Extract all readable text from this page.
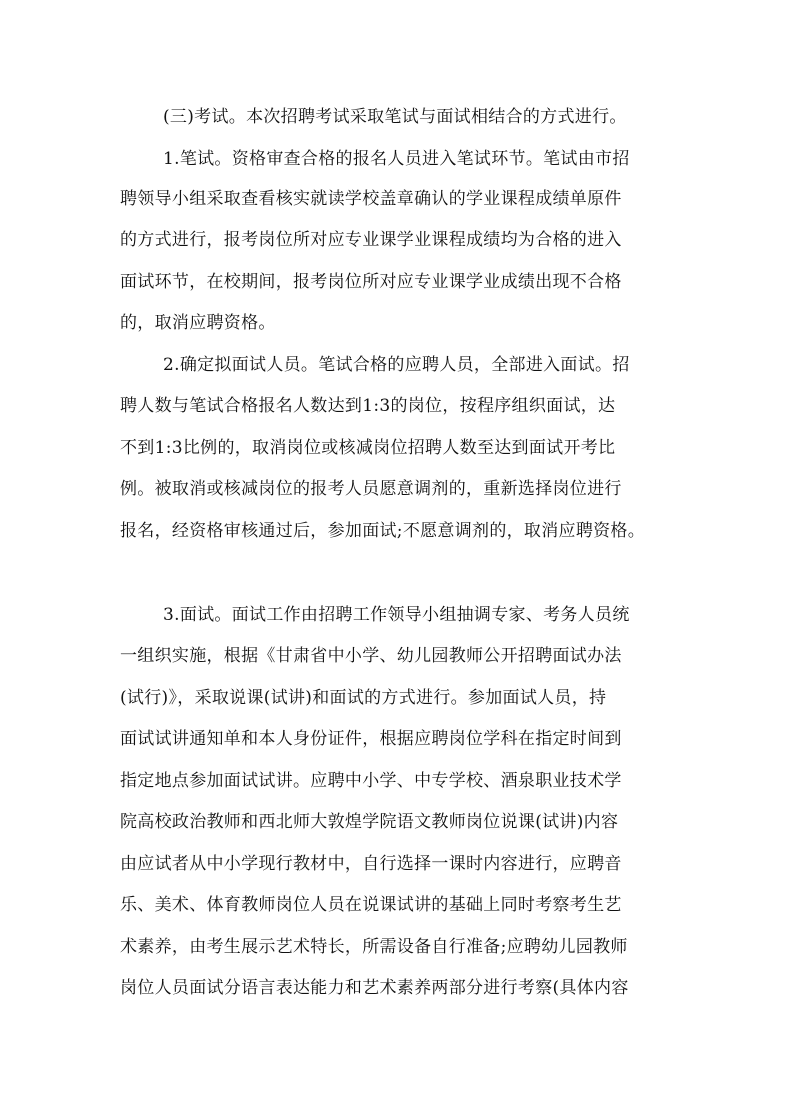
(三)考试。本次招聘考试采取笔试与面试相结合的方式进行。
1.笔试。资格审查合格的报名人员进入笔试环节。笔试由市招
聘领导小组采取查看核实就读学校盖章确认的学业课程成绩单原件
的方式进行，报考岗位所对应专业课学业课程成绩均为合格的进入
面试环节，在校期间，报考岗位所对应专业课学业成绩出现不合格
的，取消应聘资格。
2.确定拟面试人员。笔试合格的应聘人员，全部进入面试。招
聘人数与笔试合格报名人数达到1:3的岗位，按程序组织面试，达
不到1:3比例的，取消岗位或核减岗位招聘人数至达到面试开考比
例。被取消或核减岗位的报考人员愿意调剂的，重新选择岗位进行
报名，经资格审核通过后，参加面试;不愿意调剂的，取消应聘资格。
3.面试。面试工作由招聘工作领导小组抽调专家、考务人员统
一组织实施，根据《甘肃省中小学、幼儿园教师公开招聘面试办法
(试行)》，采取说课(试讲)和面试的方式进行。参加面试人员，持
面试试讲通知单和本人身份证件，根据应聘岗位学科在指定时间到
指定地点参加面试试讲。应聘中小学、中专学校、酒泉职业技术学
院高校政治教师和西北师大敦煌学院语文教师岗位说课(试讲)内容
由应试者从中小学现行教材中，自行选择一课时内容进行，应聘音
乐、美术、体育教师岗位人员在说课试讲的基础上同时考察考生艺
术素养，由考生展示艺术特长，所需设备自行准备;应聘幼儿园教师
岗位人员面试分语言表达能力和艺术素养两部分进行考察(具体内容
